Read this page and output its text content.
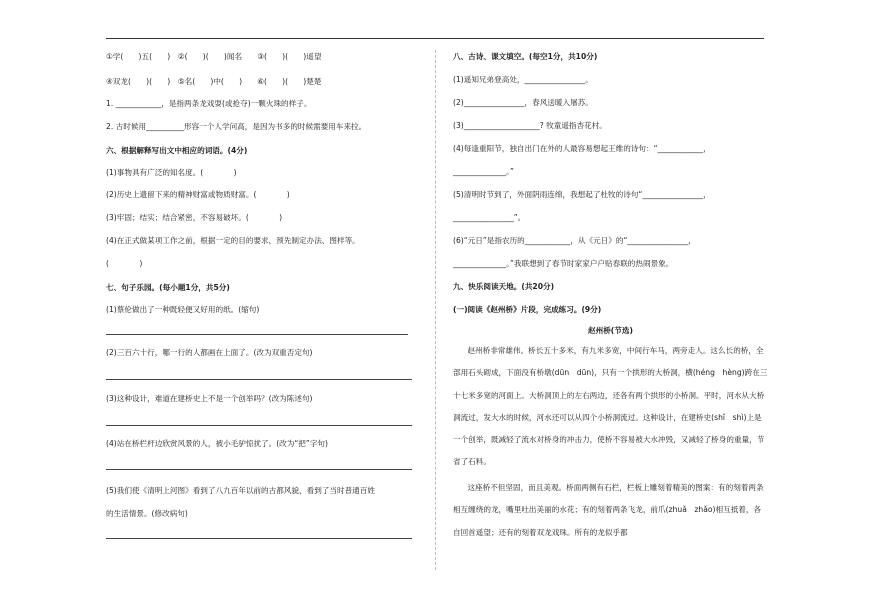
①学(　　)五(　　)　②(　　)(　　)闻名　　③(　　)(　　)遥望
④双龙(　　)(　　)　⑤名(　　)中(　　)　　⑥(　　)(　　)楚楚
1. ____________，是指两条龙戏耍(或抢夺)一颗火珠的样子。
2. 古时候用__________形容一个人学问高，是因为书多的时候需要用车来拉。
六、根据解释写出文中相应的词语。(4分)
(1)事物具有广泛的知名度。(　　　　)
(2)历史上遗留下来的精神财富或物质财富。(　　　　)
(3)牢固；结实；结合紧密，不容易破坏。(　　　　)
(4)在正式做某项工作之前，根据一定的目的要求，预先制定办法、图样等。
(　　　　)
七、句子乐园。(每小题1分，共5分)
(1)蔡伦做出了一种既轻便又好用的纸。(缩句)
(2)三百六十行，哪一行的人都画在上面了。(改为双重否定句)
(3)这种设计，难道在建桥史上不是一个创举吗？(改为陈述句)
(4)站在桥栏杆边欣赏风景的人，被小毛驴惊扰了。(改为“把”字句)
(5)我们使《清明上河图》看到了八九百年以前的古都风貌，看到了当时普通百姓
的生活情景。(修改病句)
八、古诗、课文填空。(每空1分，共10分)
(1)遥知兄弟登高处，________________。
(2)________________，春风送暖入屠苏。
(3)____________________? 牧童遥指杏花村。
(4)每逢重阳节，独自出门在外的人最容易想起王维的诗句：“____________，
______________。”
(5)清明时节到了，外面阴雨连绵，我想起了杜牧的诗句“________________，
________________”。
(6)“元日”是指农历的____________，从《元日》的“________________，
______________。”我联想到了春节时家家户户贴春联的热闹景象。
九、快乐阅读天地。(共20分)
(一)阅读《赵州桥》片段，完成练习。(9分)
赵州桥(节选)
赵州桥非常雄伟。桥长五十多米，有九米多宽，中间行车马，两旁走人。这么长的桥，全部用石头砌成，下面没有桥墩(dūn　dūn)，只有一个拱形的大桥洞，横(héng　hèng)跨在三十七米多宽的河面上。大桥洞顶上的左右两边，还各有两个拱形的小桥洞。平时，河水从大桥洞流过，发大水的时候，河水还可以从四个小桥洞流过。这种设计，在建桥史(shǐ　shì)上是一个创举，既减轻了流水对桥身的冲击力，使桥不容易被大水冲毁，又减轻了桥身的重量，节省了石料。
这座桥不但坚固，而且美观。桥面两侧有石栏，栏板上雕刻着精美的图案：有的刻着两条相互缠绕的龙，嘴里吐出美丽的水花；有的刻着两条飞龙，前爪(zhuǎ　zhǎo)相互抵着，各自回首遥望；还有的刻着双龙戏珠。所有的龙似乎都
